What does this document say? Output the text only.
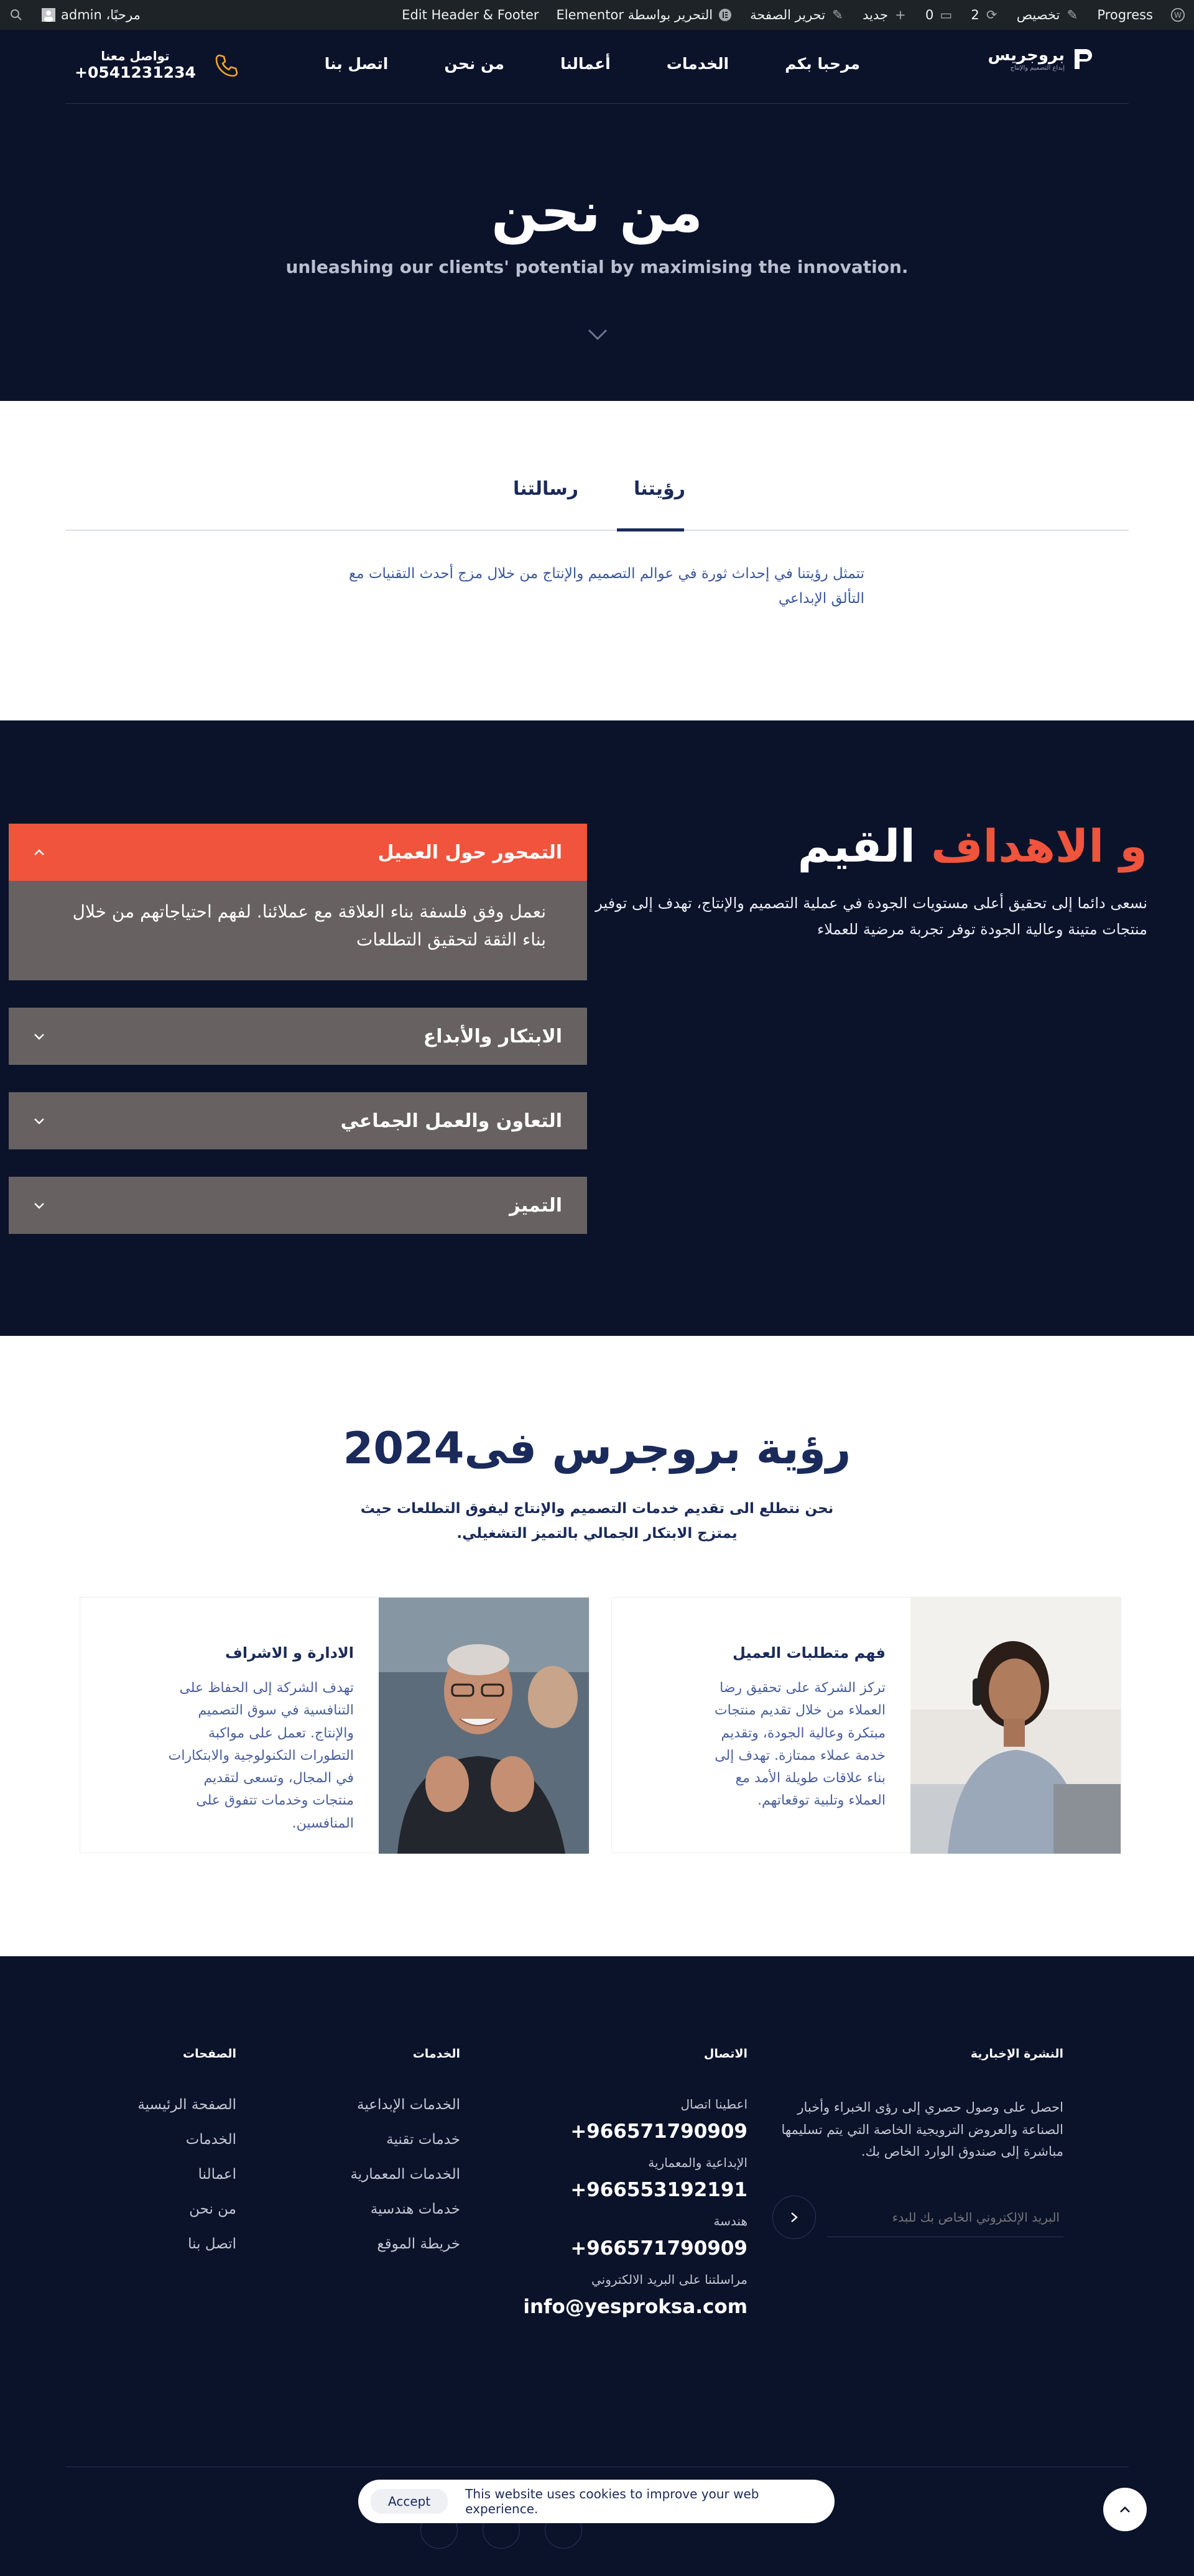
W
Progress
✎
تخصيص
⟳
2
▭
0
+
جديد
✎
تحرير الصفحة
التحرير بواسطة Elementor
Edit Header & Footer
مرحبًا، admin
بروجريس
إبداع التصميم والإنتاج
مرحبا بكم
الخدمات
أعمالنا
من نحن
اتصل بنا
تواصل معنا
+0541231234
من نحن
unleashing our clients' potential by maximising the innovation.
رؤيتنا
رسالتنا
تتمثل رؤيتنا في إحداث ثورة في عوالم التصميم والإنتاج من خلال مزج أحدث التقنيات مع التألق الإبداعي
و الاهداف القيم
نسعى دائما إلى تحقيق أعلى مستويات الجودة في عملية التصميم والإنتاج، تهدف إلى توفير منتجات متينة وعالية الجودة توفر تجربة مرضية للعملاء
التمحور حول العميل
نعمل وفق فلسفة بناء العلاقة مع عملائنا. لفهم احتياجاتهم من خلال بناء الثقة لتحقيق التطلعات
الابتكار والأبداع
التعاون والعمل الجماعي
التميز
رؤية بروجرس فى2024
نحن نتطلع الى تقديم خدمات التصميم والإنتاج ليفوق التطلعات حيث يمتزج الابتكار الجمالي بالتميز التشغيلي.
فهم متطلبات العميل

تركز الشركة على تحقيق رضا العملاء من خلال تقديم منتجات مبتكرة وعالية الجودة، وتقديم خدمة عملاء ممتازة. تهدف إلى بناء علاقات طويلة الأمد مع العملاء وتلبية توقعاتهم.

الادارة و الاشراف

تهدف الشركة إلى الحفاظ على التنافسية في سوق التصميم والإنتاج. تعمل على مواكبة التطورات التكنولوجية والابتكارات في المجال، وتسعى لتقديم منتجات وخدمات تتفوق على المنافسين.

النشرة الإخبارية

احصل على وصول حصري إلى رؤى الخبراء وأخبار الصناعة والعروض الترويجية الخاصة التي يتم تسليمها مباشرة إلى صندوق الوارد الخاص بك.

البريد الإلكتروني الخاص بك للبدء
الاتصال
اعطينا اتصال
+966571790909
الإبداعية والمعمارية
+966553192191
هندسة
+966571790909
مراسلتنا على البريد الالكتروني
info@yesproksa.com
الخدمات
الخدمات الإبداعية
خدمات تقنية
الخدمات المعمارية
خدمات هندسية
خريطة الموقع
الصفحات
الصفحة الرئيسية
الخدمات
اعمالنا
من نحن
اتصل بنا
Accept	This website uses cookies to improve your web experience.
